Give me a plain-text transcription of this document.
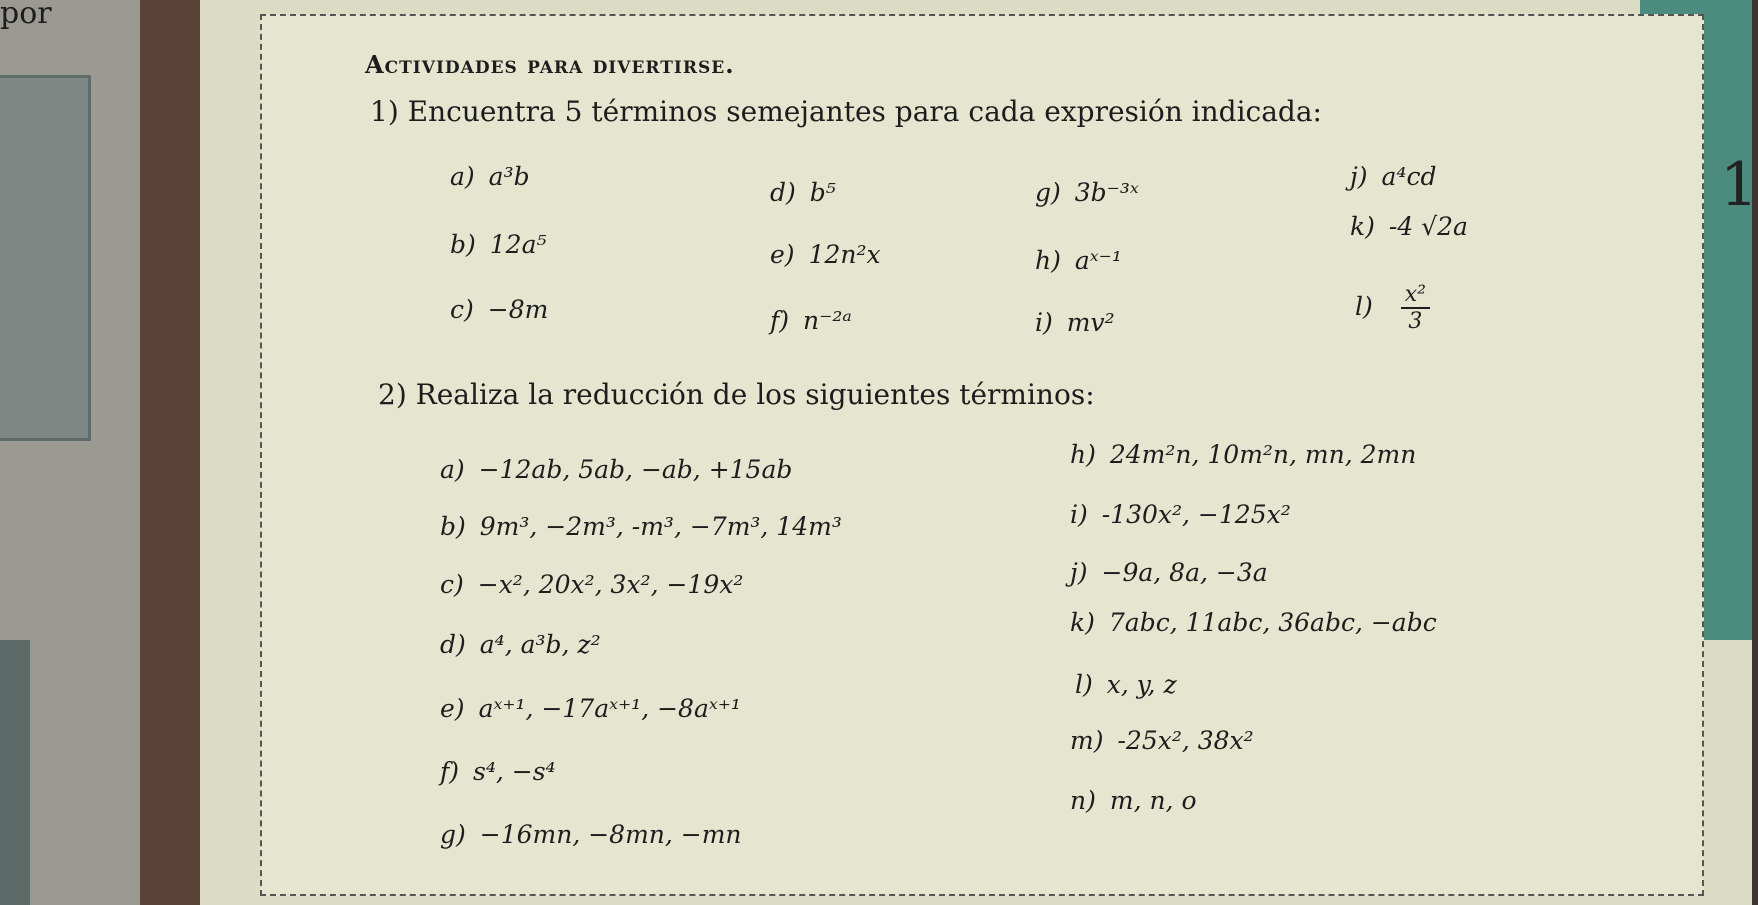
por
Actividades para divertirse.
1
1) Encuentra 5 términos semejantes para cada expresión indicada:
a) a³b
b) 12a⁵
c) −8m
d) b⁵
e) 12n²x
f) n⁻²ᵃ
g) 3b⁻³ˣ
h) aˣ⁻¹
i) mv²
j) a⁴cd
k) -4 √2a
$l) \frac{\text{x²}}{3}$
2) Realiza la reducción de los siguientes términos:
a) −12ab, 5ab, −ab, +15ab
b) 9m³, −2m³, -m³, −7m³, 14m³
c) −x², 20x², 3x², −19x²
d) a⁴, a³b, z²
e) aˣ⁺¹, −17aˣ⁺¹, −8aˣ⁺¹
f) s⁴, −s⁴
g) −16mn, −8mn, −mn
h) 24m²n, 10m²n, mn, 2mn
i) -130x², −125x²
j) −9a, 8a, −3a
k) 7abc, 11abc, 36abc, −abc
l) x, y, z
m) -25x², 38x²
n) m, n, o
